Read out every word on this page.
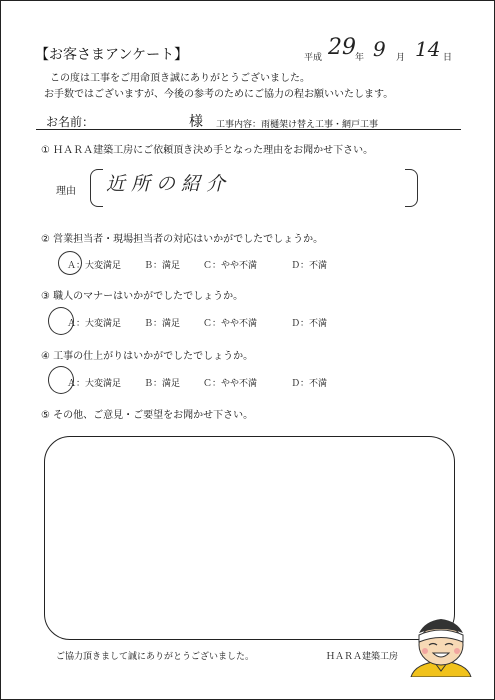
【お客さまアンケート】	平成 29 年 9 月 14 日
この度は工事をご用命頂き誠にありがとうございました。
お手数ではございますが、今後の参考のためにご協力の程お願いいたします。
お名前：	様 工事内容：雨樋架け替え工事・網戸工事
① ＨＡＲＡ建築工房にご依頼頂き決め手となった理由をお聞かせ下さい。
理由 近所の紹介
② 営業担当者・現場担当者の対応はいかがでしたでしょうか。
Ａ：大変満足	Ｂ：満足	Ｃ：やや不満	Ｄ：不満
③ 職人のマナーはいかがでしたでしょうか。
Ａ：大変満足	Ｂ：満足	Ｃ：やや不満	Ｄ：不満
④ 工事の仕上がりはいかがでしたでしょうか。
Ａ：大変満足	Ｂ：満足	Ｃ：やや不満	Ｄ：不満
⑤ その他、ご意見・ご要望をお聞かせ下さい。
ご協力頂きまして誠にありがとうございました。	ＨＡＲＡ建築工房
